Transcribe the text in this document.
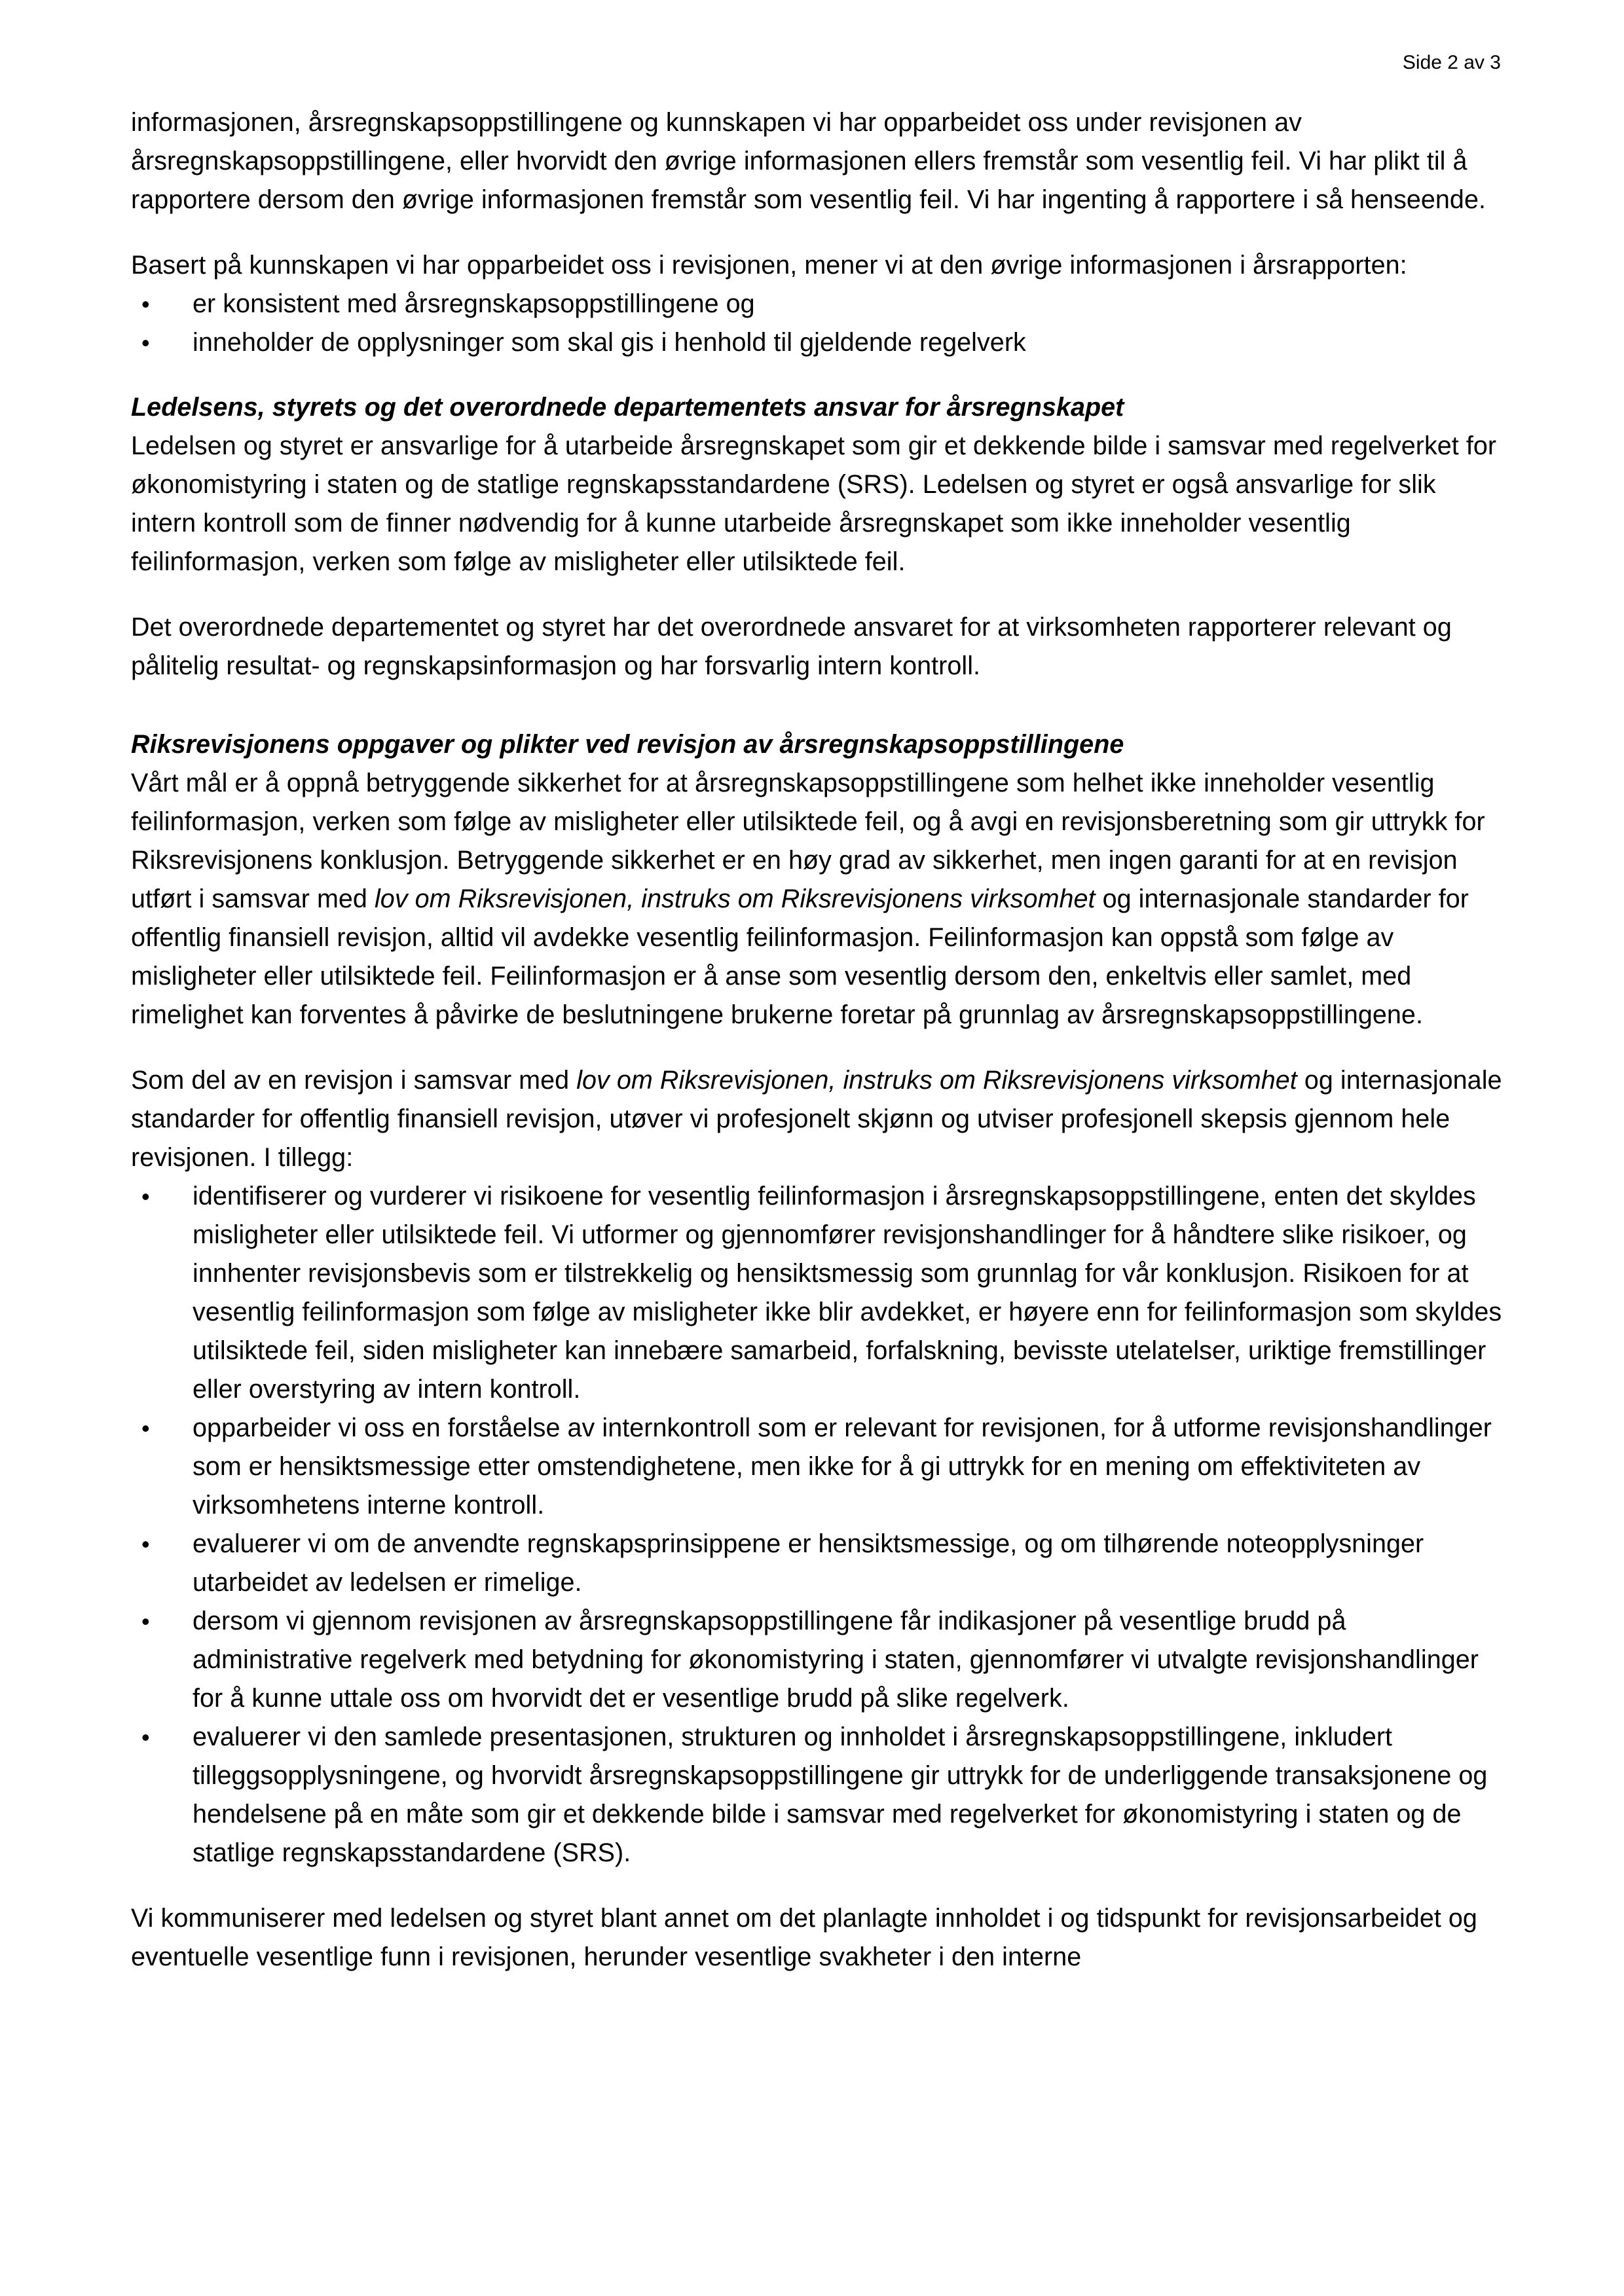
Side 2 av 3

informasjonen, årsregnskapsoppstillingene og kunnskapen vi har opparbeidet oss under revisjonen av årsregnskapsoppstillingene, eller hvorvidt den øvrige informasjonen ellers fremstår som vesentlig feil. Vi har plikt til å rapportere dersom den øvrige informasjonen fremstår som vesentlig feil. Vi har ingenting å rapportere i så henseende.

Basert på kunnskapen vi har opparbeidet oss i revisjonen, mener vi at den øvrige informasjonen i årsrapporten:

• er konsistent med årsregnskapsoppstillingene og
• inneholder de opplysninger som skal gis i henhold til gjeldende regelverk
Ledelsens, styrets og det overordnede departementets ansvar for årsregnskapet

Ledelsen og styret er ansvarlige for å utarbeide årsregnskapet som gir et dekkende bilde i samsvar med regelverket for økonomistyring i staten og de statlige regnskapsstandardene (SRS). Ledelsen og styret er også ansvarlige for slik intern kontroll som de finner nødvendig for å kunne utarbeide årsregnskapet som ikke inneholder vesentlig feilinformasjon, verken som følge av misligheter eller utilsiktede feil.

Det overordnede departementet og styret har det overordnede ansvaret for at virksomheten rapporterer relevant og pålitelig resultat- og regnskapsinformasjon og har forsvarlig intern kontroll.

Riksrevisjonens oppgaver og plikter ved revisjon av årsregnskapsoppstillingene

Vårt mål er å oppnå betryggende sikkerhet for at årsregnskapsoppstillingene som helhet ikke inneholder vesentlig feilinformasjon, verken som følge av misligheter eller utilsiktede feil, og å avgi en revisjonsberetning som gir uttrykk for Riksrevisjonens konklusjon. Betryggende sikkerhet er en høy grad av sikkerhet, men ingen garanti for at en revisjon utført i samsvar med lov om Riksrevisjonen, instruks om Riksrevisjonens virksomhet og internasjonale standarder for offentlig finansiell revisjon, alltid vil avdekke vesentlig feilinformasjon. Feilinformasjon kan oppstå som følge av misligheter eller utilsiktede feil. Feilinformasjon er å anse som vesentlig dersom den, enkeltvis eller samlet, med rimelighet kan forventes å påvirke de beslutningene brukerne foretar på grunnlag av årsregnskapsoppstillingene.

Som del av en revisjon i samsvar med lov om Riksrevisjonen, instruks om Riksrevisjonens virksomhet og internasjonale standarder for offentlig finansiell revisjon, utøver vi profesjonelt skjønn og utviser profesjonell skepsis gjennom hele revisjonen. I tillegg:

• identifiserer og vurderer vi risikoene for vesentlig feilinformasjon i årsregnskapsoppstillingene, enten det skyldes misligheter eller utilsiktede feil. Vi utformer og gjennomfører revisjonshandlinger for å håndtere slike risikoer, og innhenter revisjonsbevis som er tilstrekkelig og hensiktsmessig som grunnlag for vår konklusjon. Risikoen for at vesentlig feilinformasjon som følge av misligheter ikke blir avdekket, er høyere enn for feilinformasjon som skyldes utilsiktede feil, siden misligheter kan innebære samarbeid, forfalskning, bevisste utelatelser, uriktige fremstillinger eller overstyring av intern kontroll.
• opparbeider vi oss en forståelse av internkontroll som er relevant for revisjonen, for å utforme revisjonshandlinger som er hensiktsmessige etter omstendighetene, men ikke for å gi uttrykk for en mening om effektiviteten av virksomhetens interne kontroll.
• evaluerer vi om de anvendte regnskapsprinsippene er hensiktsmessige, og om tilhørende noteopplysninger utarbeidet av ledelsen er rimelige.
• dersom vi gjennom revisjonen av årsregnskapsoppstillingene får indikasjoner på vesentlige brudd på administrative regelverk med betydning for økonomistyring i staten, gjennomfører vi utvalgte revisjonshandlinger for å kunne uttale oss om hvorvidt det er vesentlige brudd på slike regelverk.
• evaluerer vi den samlede presentasjonen, strukturen og innholdet i årsregnskapsoppstillingene, inkludert tilleggsopplysningene, og hvorvidt årsregnskapsoppstillingene gir uttrykk for de underliggende transaksjonene og hendelsene på en måte som gir et dekkende bilde i samsvar med regelverket for økonomistyring i staten og de statlige regnskapsstandardene (SRS).

Vi kommuniserer med ledelsen og styret blant annet om det planlagte innholdet i og tidspunkt for revisjonsarbeidet og eventuelle vesentlige funn i revisjonen, herunder vesentlige svakheter i den interne
